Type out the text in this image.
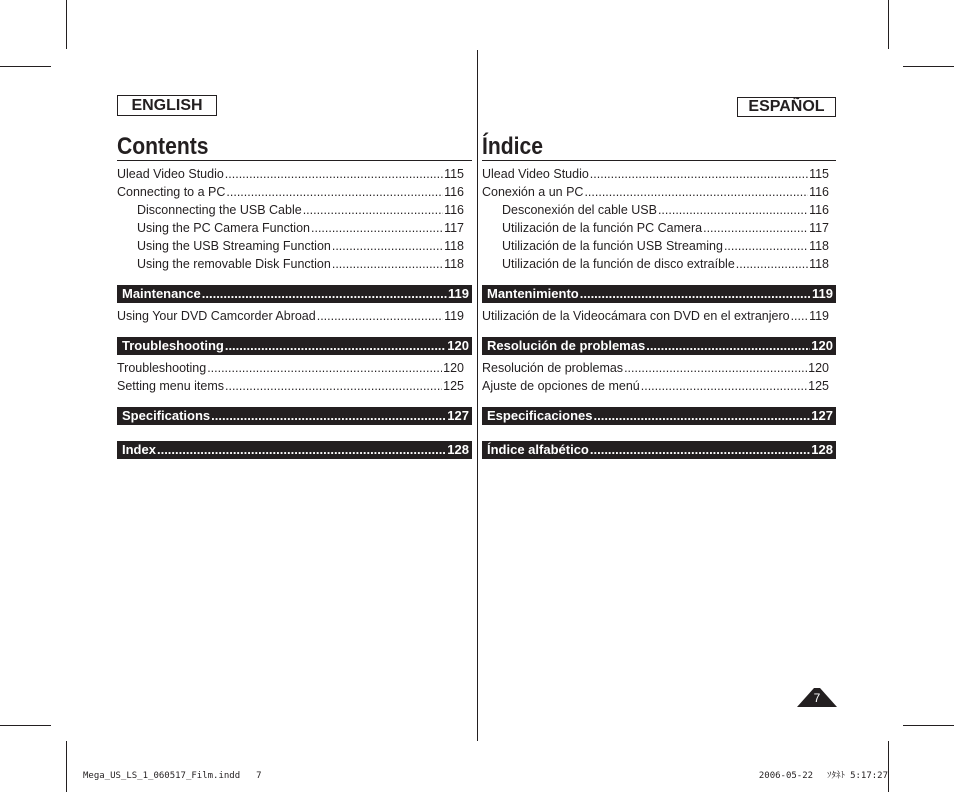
ENGLISH
Contents
Ulead Video Studio .....	115
Connecting to a PC .....	116
Disconnecting the USB Cable .....	116
Using the PC Camera Function .....	117
Using the USB Streaming Function .....	118
Using the removable Disk Function .....	118
Maintenance .....	119
Using Your DVD Camcorder Abroad .....	119
Troubleshooting .....	120
Troubleshooting .....	120
Setting menu items .....	125
Specifications .....	127
Index .....	128
ESPAÑOL
Índice
Ulead Video Studio .....	115
Conexión a un PC .....	116
Desconexión del cable USB .....	116
Utilización de la función PC Camera .....	117
Utilización de la función USB Streaming .....	118
Utilización de la función de disco extraíble .....	118
Mantenimiento .....	119
Utilización de la Videocámara con DVD en el extranjero ..... 119
Resolución de problemas .....	120
Resolución de problemas .....	120
Ajuste de opciones de menú .....	125
Especificaciones .....	127
Índice alfabético .....	128
7
Mega_US_LS_1_060517_Film.indd 7	2006-05-22 ｿﾀﾈﾄ 5:17:27
